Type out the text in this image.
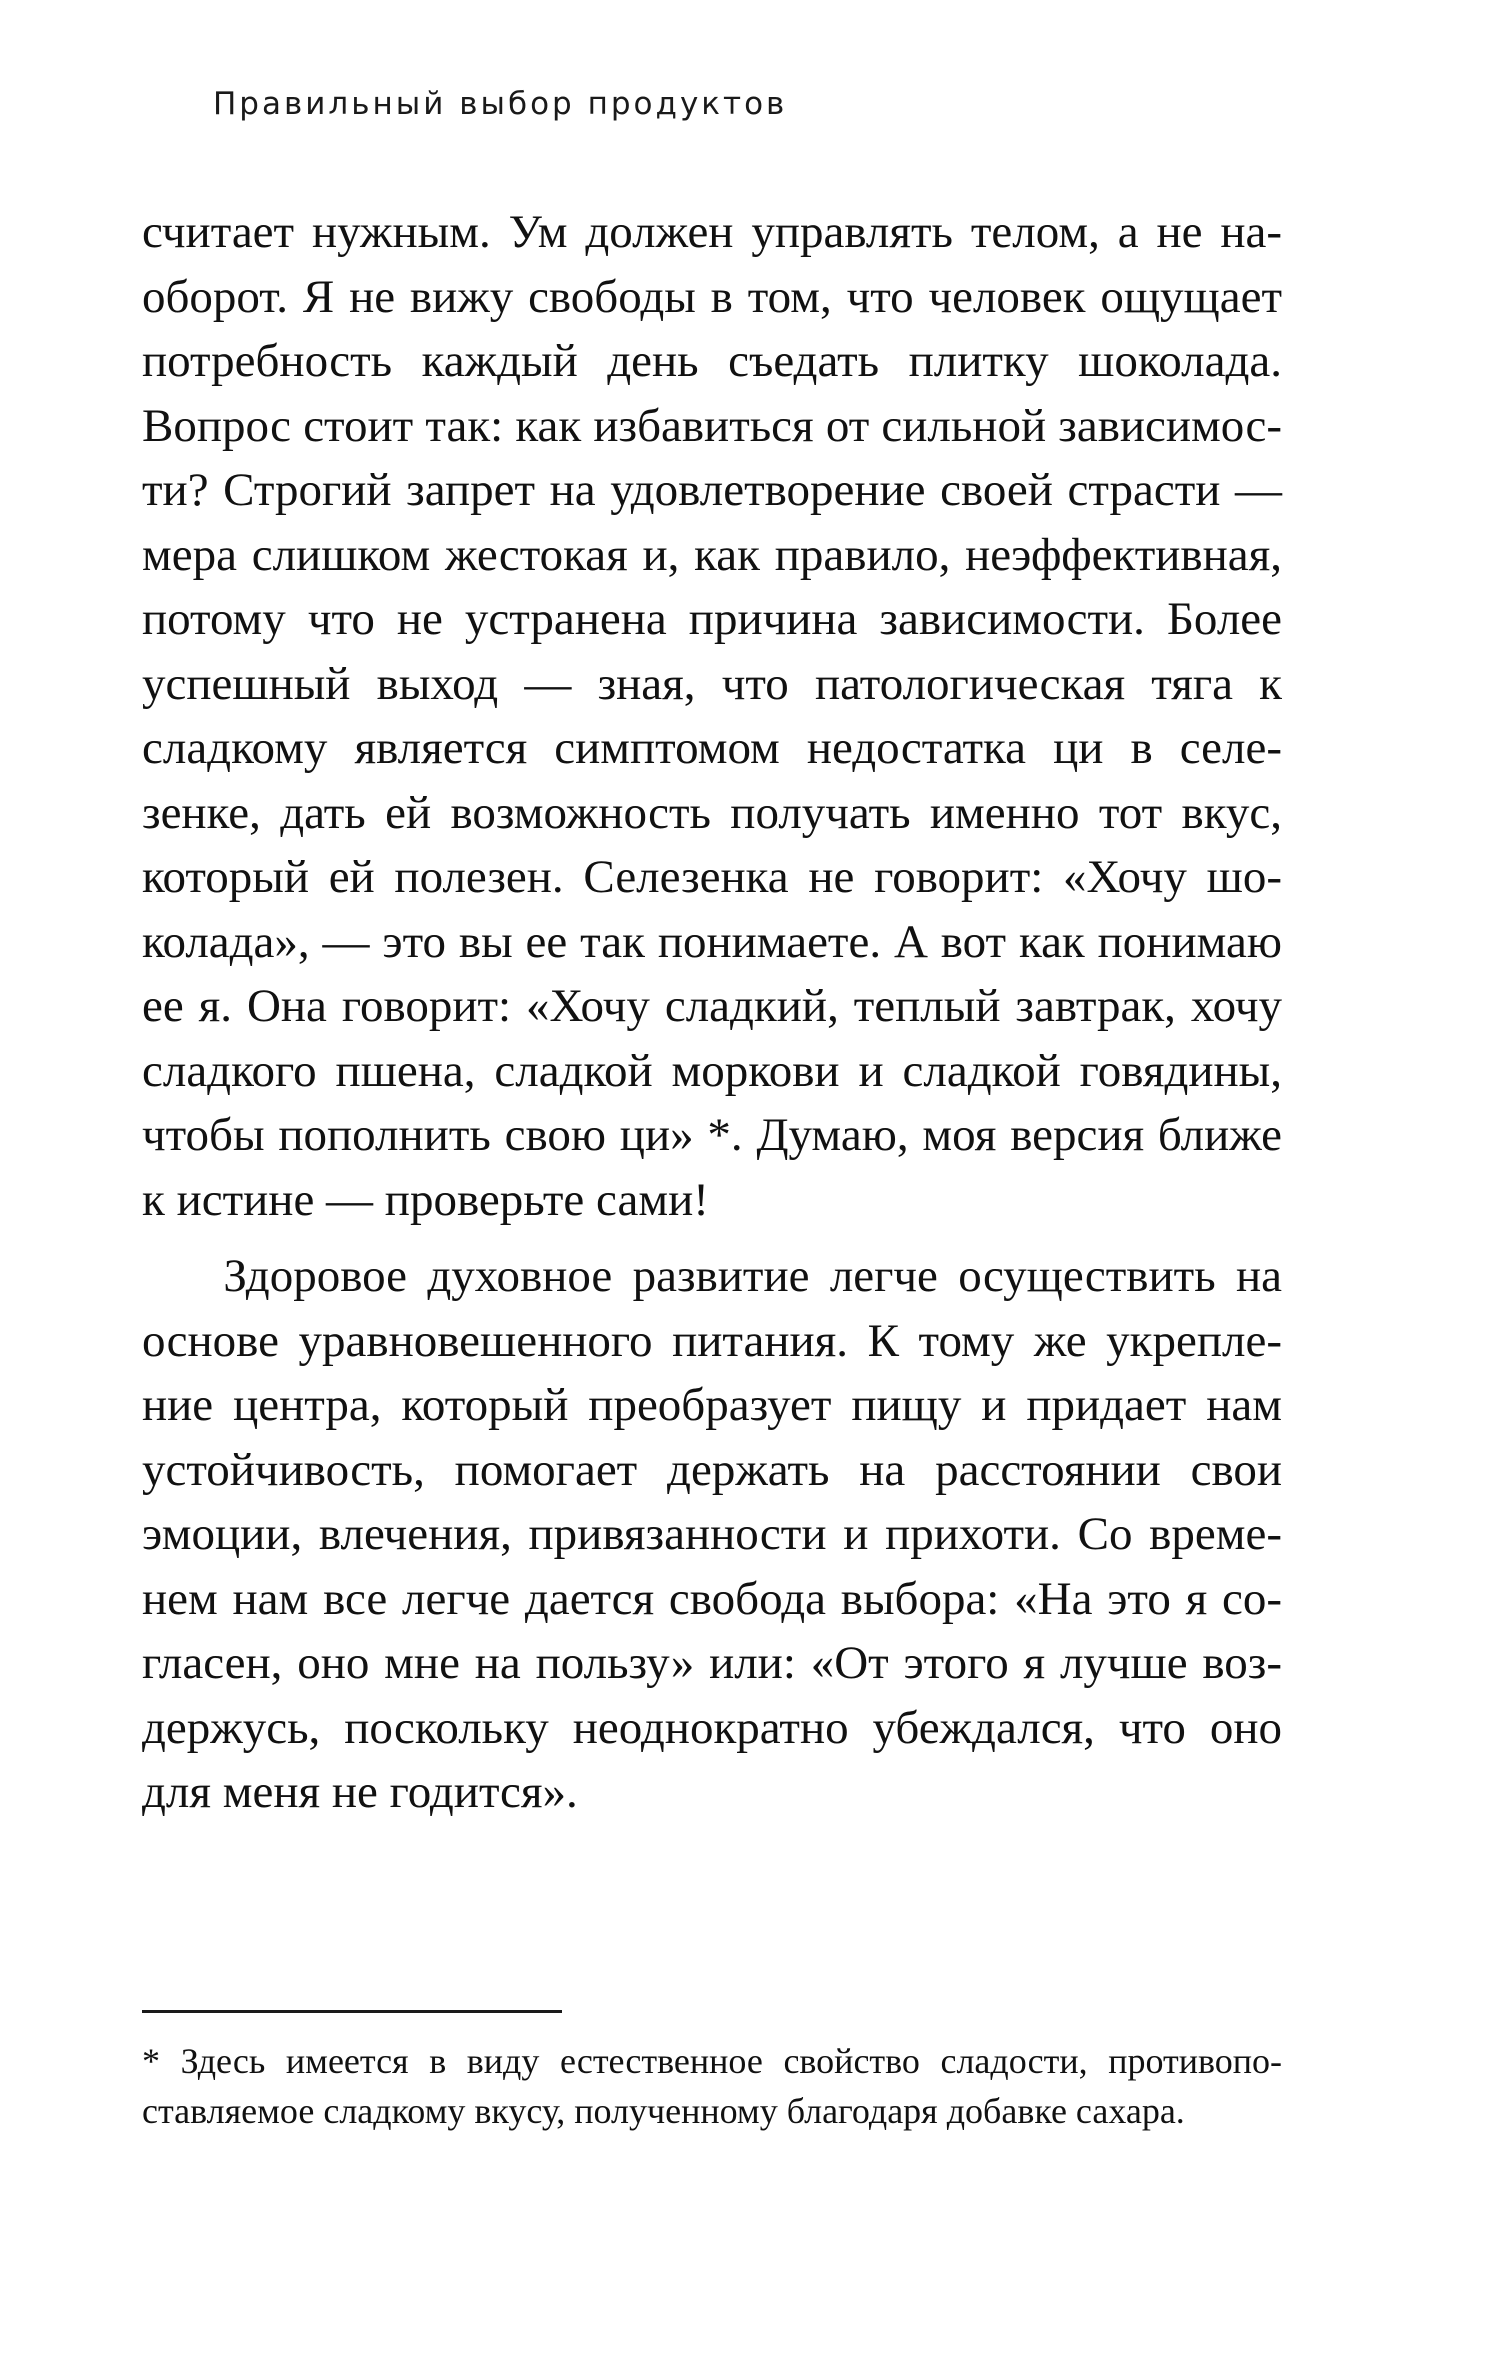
Правильный выбор продуктов
считает нужным. Ум должен управлять телом, а не на-
оборот. Я не вижу свободы в том, что человек ощущает
потребность каждый день съедать плитку шоколада.
Вопрос стоит так: как избавиться от сильной зависимос-
ти? Строгий запрет на удовлетворение своей страсти —
мера слишком жестокая и, как правило, неэффективная,
потому что не устранена причина зависимости. Более
успешный выход — зная, что патологическая тяга к
сладкому является симптомом недостатка ци в селе-
зенке, дать ей возможность получать именно тот вкус,
который ей полезен. Селезенка не говорит: «Хочу шо-
колада», — это вы ее так понимаете. А вот как понимаю
ее я. Она говорит: «Хочу сладкий, теплый завтрак, хочу
сладкого пшена, сладкой моркови и сладкой говядины,
чтобы пополнить свою ци» *. Думаю, моя версия ближе
к истине — проверьте сами!
Здоровое духовное развитие легче осуществить на
основе уравновешенного питания. К тому же укрепле-
ние центра, который преобразует пищу и придает нам
устойчивость, помогает держать на расстоянии свои
эмоции, влечения, привязанности и прихоти. Со време-
нем нам все легче дается свобода выбора: «На это я со-
гласен, оно мне на пользу» или: «От этого я лучше воз-
держусь, поскольку неоднократно убеждался, что оно
для меня не годится».
* Здесь имеется в виду естественное свойство сладости, противопо-
ставляемое сладкому вкусу, полученному благодаря добавке сахара.
